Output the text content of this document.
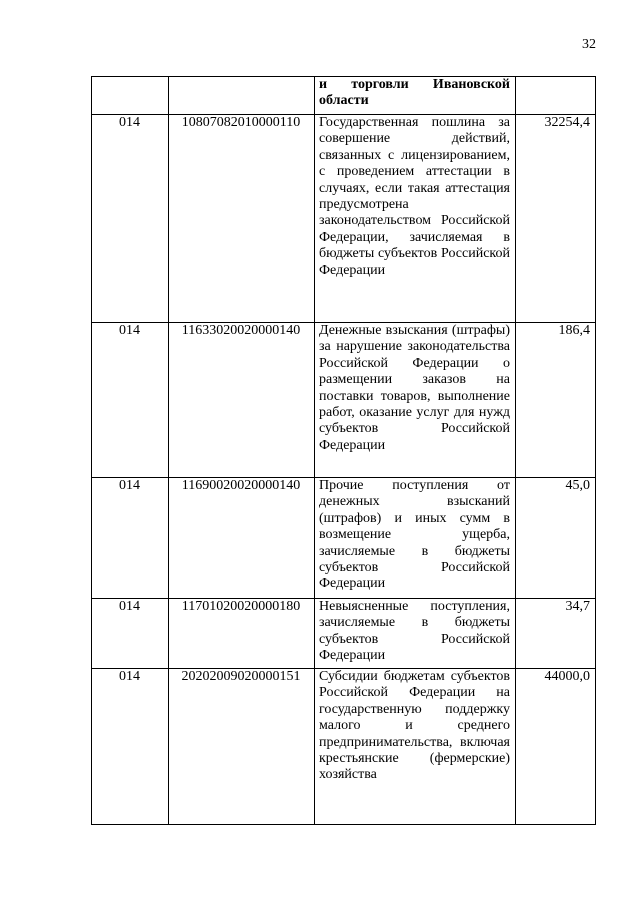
32
		и торговли Ивановской области	
014	10807082010000110	Государственная пошлина за совершение действий, связанных с лицензированием, с проведением аттестации в случаях, если такая аттестация предусмотрена законодательством Российской Федерации, зачисляемая в бюджеты субъектов Российской Федерации	32254,4
014	11633020020000140	Денежные взыскания (штрафы) за нарушение законодательства Российской Федерации о размещении заказов на поставки товаров, выполнение работ, оказание услуг для нужд субъектов Российской Федерации	186,4
014	11690020020000140	Прочие поступления от денежных взысканий (штрафов) и иных сумм в возмещение ущерба, зачисляемые в бюджеты субъектов Российской Федерации	45,0
014	11701020020000180	Невыясненные поступления, зачисляемые в бюджеты субъектов Российской Федерации	34,7
014	20202009020000151	Субсидии бюджетам субъектов Российской Федерации на государственную поддержку малого и среднего предпринимательства, включая крестьянские (фермерские) хозяйства	44000,0
